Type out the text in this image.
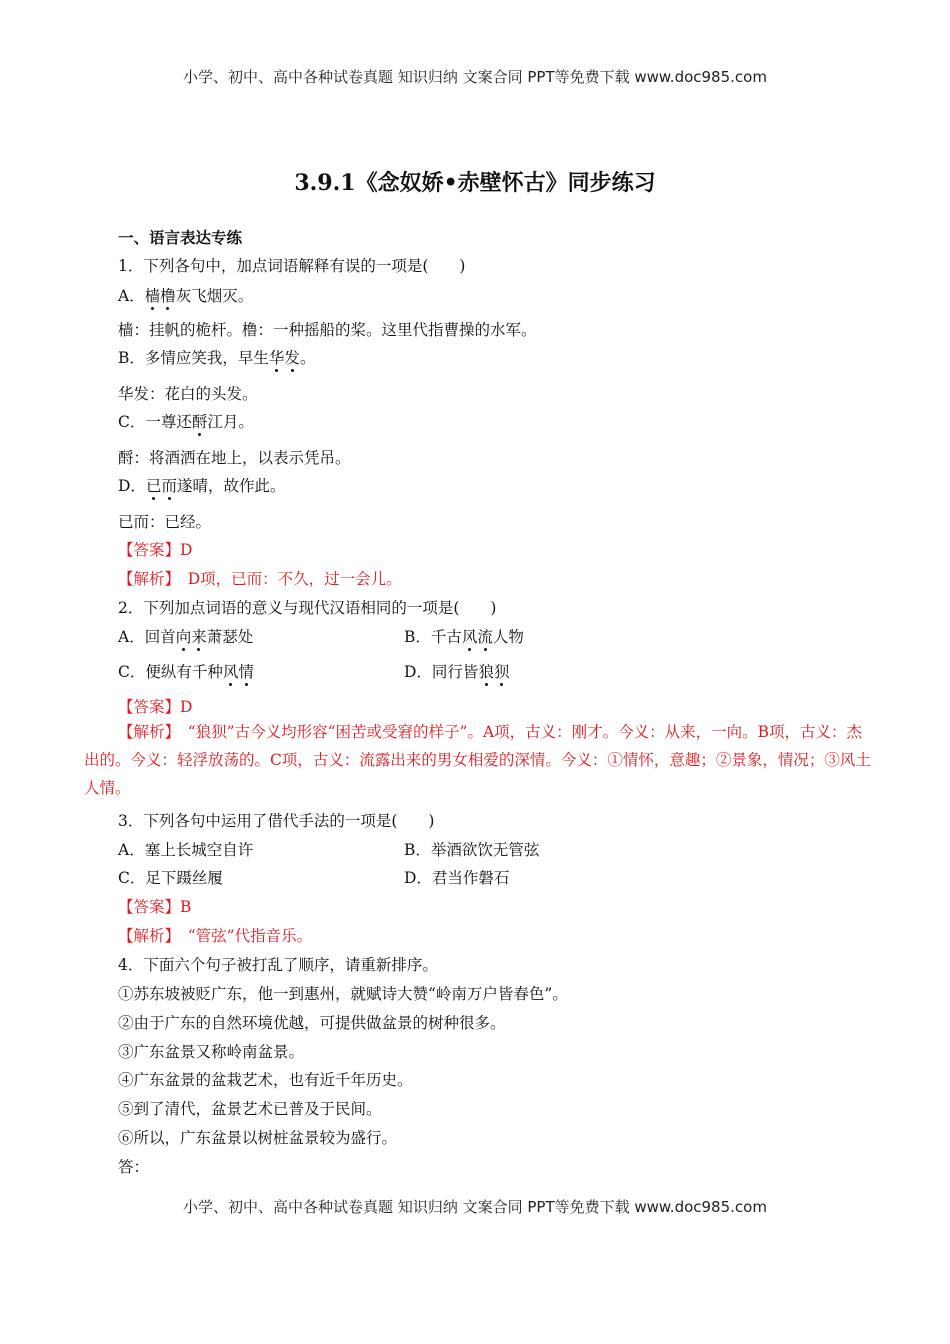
小学、初中、高中各种试卷真题 知识归纳 文案合同 PPT等免费下载 www.doc985.com
3.9.1《念奴娇•赤壁怀古》同步练习
一、语言表达专练
1．下列各句中，加点词语解释有误的一项是(　　)
A．樯橹灰飞烟灭。
樯：挂帆的桅杆。橹：一种摇船的桨。这里代指曹操的水军。
B．多情应笑我，早生华发。
华发：花白的头发。
C．一尊还酹江月。
酹：将酒洒在地上，以表示凭吊。
D．已而遂晴，故作此。
已而：已经。
【答案】D
【解析】　D项，已而：不久，过一会儿。
2．下列加点词语的意义与现代汉语相同的一项是(　　)
A．回首向来萧瑟处	B．千古风流人物
C．便纵有千种风情	D．同行皆狼狈
【答案】D
【解析】　“狼狈”古今义均形容“困苦或受窘的样子”。A项，古义：刚才。今义：从来，一向。B项，古义：杰出的。今义：轻浮放荡的。C项，古义：流露出来的男女相爱的深情。今义：①情怀，意趣；②景象，情况；③风土人情。
3．下列各句中运用了借代手法的一项是(　　)
A．塞上长城空自许	B．举酒欲饮无管弦
C．足下蹑丝履	D．君当作磐石
【答案】B
【解析】　“管弦”代指音乐。
4．下面六个句子被打乱了顺序，请重新排序。
①苏东坡被贬广东，他一到惠州，就赋诗大赞“岭南万户皆春色”。
②由于广东的自然环境优越，可提供做盆景的树种很多。
③广东盆景又称岭南盆景。
④广东盆景的盆栽艺术，也有近千年历史。
⑤到了清代，盆景艺术已普及于民间。
⑥所以，广东盆景以树桩盆景较为盛行。
答：
小学、初中、高中各种试卷真题 知识归纳 文案合同 PPT等免费下载 www.doc985.com
